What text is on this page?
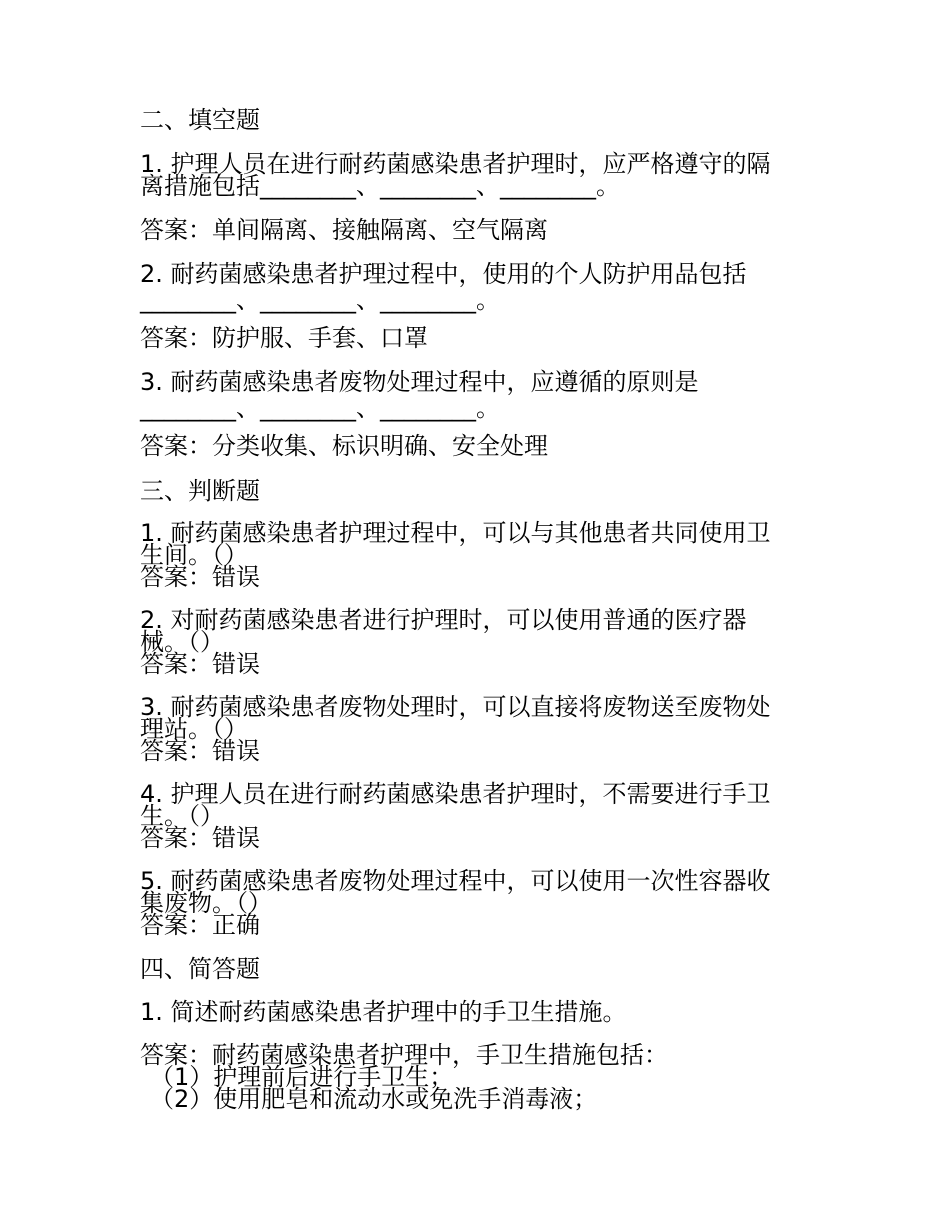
二、填空题
1. 护理人员在进行耐药菌感染患者护理时，应严格遵守的隔
离措施包括________、________、________。
答案：单间隔离、接触隔离、空气隔离
2. 耐药菌感染患者护理过程中，使用的个人防护用品包括
________、________、________。
答案：防护服、手套、口罩
3. 耐药菌感染患者废物处理过程中，应遵循的原则是
________、________、________。
答案：分类收集、标识明确、安全处理
三、判断题
1. 耐药菌感染患者护理过程中，可以与其他患者共同使用卫
生间。（）
答案：错误
2. 对耐药菌感染患者进行护理时，可以使用普通的医疗器
械。（）
答案：错误
3. 耐药菌感染患者废物处理时，可以直接将废物送至废物处
理站。（）
答案：错误
4. 护理人员在进行耐药菌感染患者护理时，不需要进行手卫
生。（）
答案：错误
5. 耐药菌感染患者废物处理过程中，可以使用一次性容器收
集废物。（）
答案：正确
四、简答题
1. 简述耐药菌感染患者护理中的手卫生措施。
答案：耐药菌感染患者护理中，手卫生措施包括：
（1）护理前后进行手卫生；
（2）使用肥皂和流动水或免洗手消毒液；
